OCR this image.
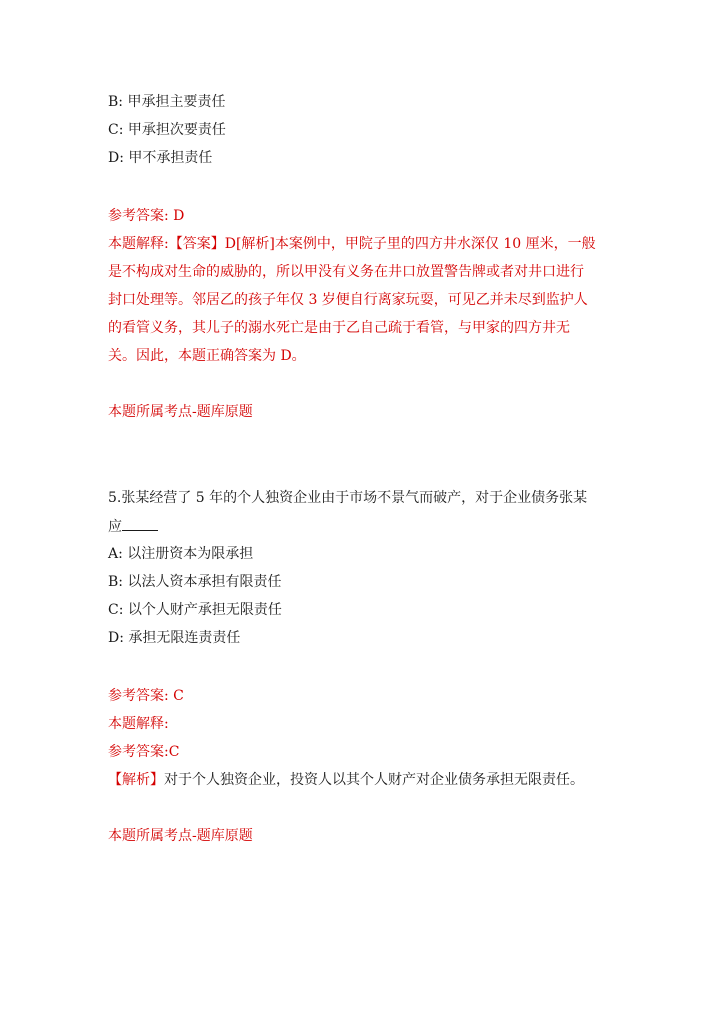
B: 甲承担主要责任
C: 甲承担次要责任
D: 甲不承担责任
参考答案: D
本题解释:【答案】D[解析]本案例中，甲院子里的四方井水深仅 10 厘米，一般
是不构成对生命的威胁的，所以甲没有义务在井口放置警告牌或者对井口进行
封口处理等。邻居乙的孩子年仅 3 岁便自行离家玩耍，可见乙并未尽到监护人
的看管义务，其儿子的溺水死亡是由于乙自己疏于看管，与甲家的四方井无
关。因此，本题正确答案为 D。
本题所属考点-题库原题
5.张某经营了 5 年的个人独资企业由于市场不景气而破产，对于企业债务张某
应
A: 以注册资本为限承担
B: 以法人资本承担有限责任
C: 以个人财产承担无限责任
D: 承担无限连责责任
参考答案: C
本题解释:
参考答案:C
【解析】对于个人独资企业，投资人以其个人财产对企业债务承担无限责任。
本题所属考点-题库原题
